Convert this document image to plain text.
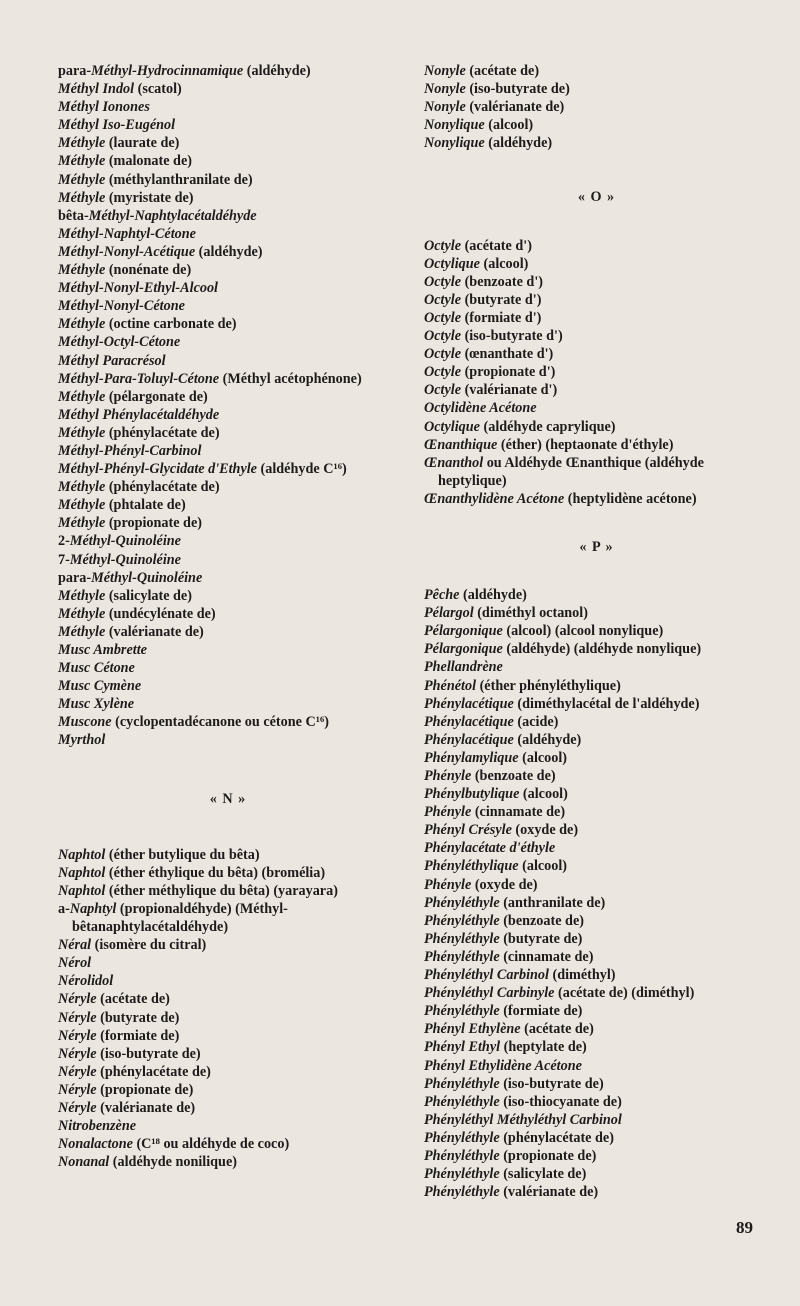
para-Méthyl-Hydrocinnamique (aldéhyde)

Méthyl Indol (scatol)

Méthyl Ionones

Méthyl Iso-Eugénol

Méthyle (laurate de)

Méthyle (malonate de)

Méthyle (méthylanthranilate de)

Méthyle (myristate de)

bêta-Méthyl-Naphtylacétaldéhyde

Méthyl-Naphtyl-Cétone

Méthyl-Nonyl-Acétique (aldéhyde)

Méthyle (nonénate de)

Méthyl-Nonyl-Ethyl-Alcool

Méthyl-Nonyl-Cétone

Méthyle (octine carbonate de)

Méthyl-Octyl-Cétone

Méthyl Paracrésol

Méthyl-Para-Toluyl-Cétone (Méthyl acétophénone)

Méthyle (pélargonate de)

Méthyl Phénylacétaldéhyde

Méthyle (phénylacétate de)

Méthyl-Phényl-Carbinol

Méthyl-Phényl-Glycidate d'Ethyle (aldéhyde C¹⁶)

Méthyle (phénylacétate de)

Méthyle (phtalate de)

Méthyle (propionate de)

2-Méthyl-Quinoléine

7-Méthyl-Quinoléine

para-Méthyl-Quinoléine

Méthyle (salicylate de)

Méthyle (undécylénate de)

Méthyle (valérianate de)

Musc Ambrette

Musc Cétone

Musc Cymène

Musc Xylène

Muscone (cyclopentadécanone ou cétone C¹⁶)

Myrthol

« N »

Naphtol (éther butylique du bêta)

Naphtol (éther éthylique du bêta) (bromélia)

Naphtol (éther méthylique du bêta) (yarayara)

a-Naphtyl (propionaldéhyde) (Méthyl-bêtanaphtylacétaldéhyde)

Néral (isomère du citral)

Nérol

Nérolidol

Néryle (acétate de)

Néryle (butyrate de)

Néryle (formiate de)

Néryle (iso-butyrate de)

Néryle (phénylacétate de)

Néryle (propionate de)

Néryle (valérianate de)

Nitrobenzène

Nonalactone (C¹⁸ ou aldéhyde de coco)

Nonanal (aldéhyde nonilique)

Nonyle (acétate de)

Nonyle (iso-butyrate de)

Nonyle (valérianate de)

Nonylique (alcool)

Nonylique (aldéhyde)

« O »

Octyle (acétate d')

Octylique (alcool)

Octyle (benzoate d')

Octyle (butyrate d')

Octyle (formiate d')

Octyle (iso-butyrate d')

Octyle (œnanthate d')

Octyle (propionate d')

Octyle (valérianate d')

Octylidène Acétone

Octylique (aldéhyde caprylique)

Œnanthique (éther) (heptaonate d'éthyle)

Œnanthol ou Aldéhyde Œnanthique (aldéhyde heptylique)

Œnanthylidène Acétone (heptylidène acétone)

« P »

Pêche (aldéhyde)

Pélargol (diméthyl octanol)

Pélargonique (alcool) (alcool nonylique)

Pélargonique (aldéhyde) (aldéhyde nonylique)

Phellandrène

Phénétol (éther phényléthylique)

Phénylacétique (diméthylacétal de l'aldéhyde)

Phénylacétique (acide)

Phénylacétique (aldéhyde)

Phénylamylique (alcool)

Phényle (benzoate de)

Phénylbutylique (alcool)

Phényle (cinnamate de)

Phényl Crésyle (oxyde de)

Phénylacétate d'éthyle

Phényléthylique (alcool)

Phényle (oxyde de)

Phényléthyle (anthranilate de)

Phényléthyle (benzoate de)

Phényléthyle (butyrate de)

Phényléthyle (cinnamate de)

Phényléthyl Carbinol (diméthyl)

Phényléthyl Carbinyle (acétate de) (diméthyl)

Phényléthyle (formiate de)

Phényl Ethylène (acétate de)

Phényl Ethyl (heptylate de)

Phényl Ethylidène Acétone

Phényléthyle (iso-butyrate de)

Phényléthyle (iso-thiocyanate de)

Phényléthyl Méthyléthyl Carbinol

Phényléthyle (phénylacétate de)

Phényléthyle (propionate de)

Phényléthyle (salicylate de)

Phényléthyle (valérianate de)

89
